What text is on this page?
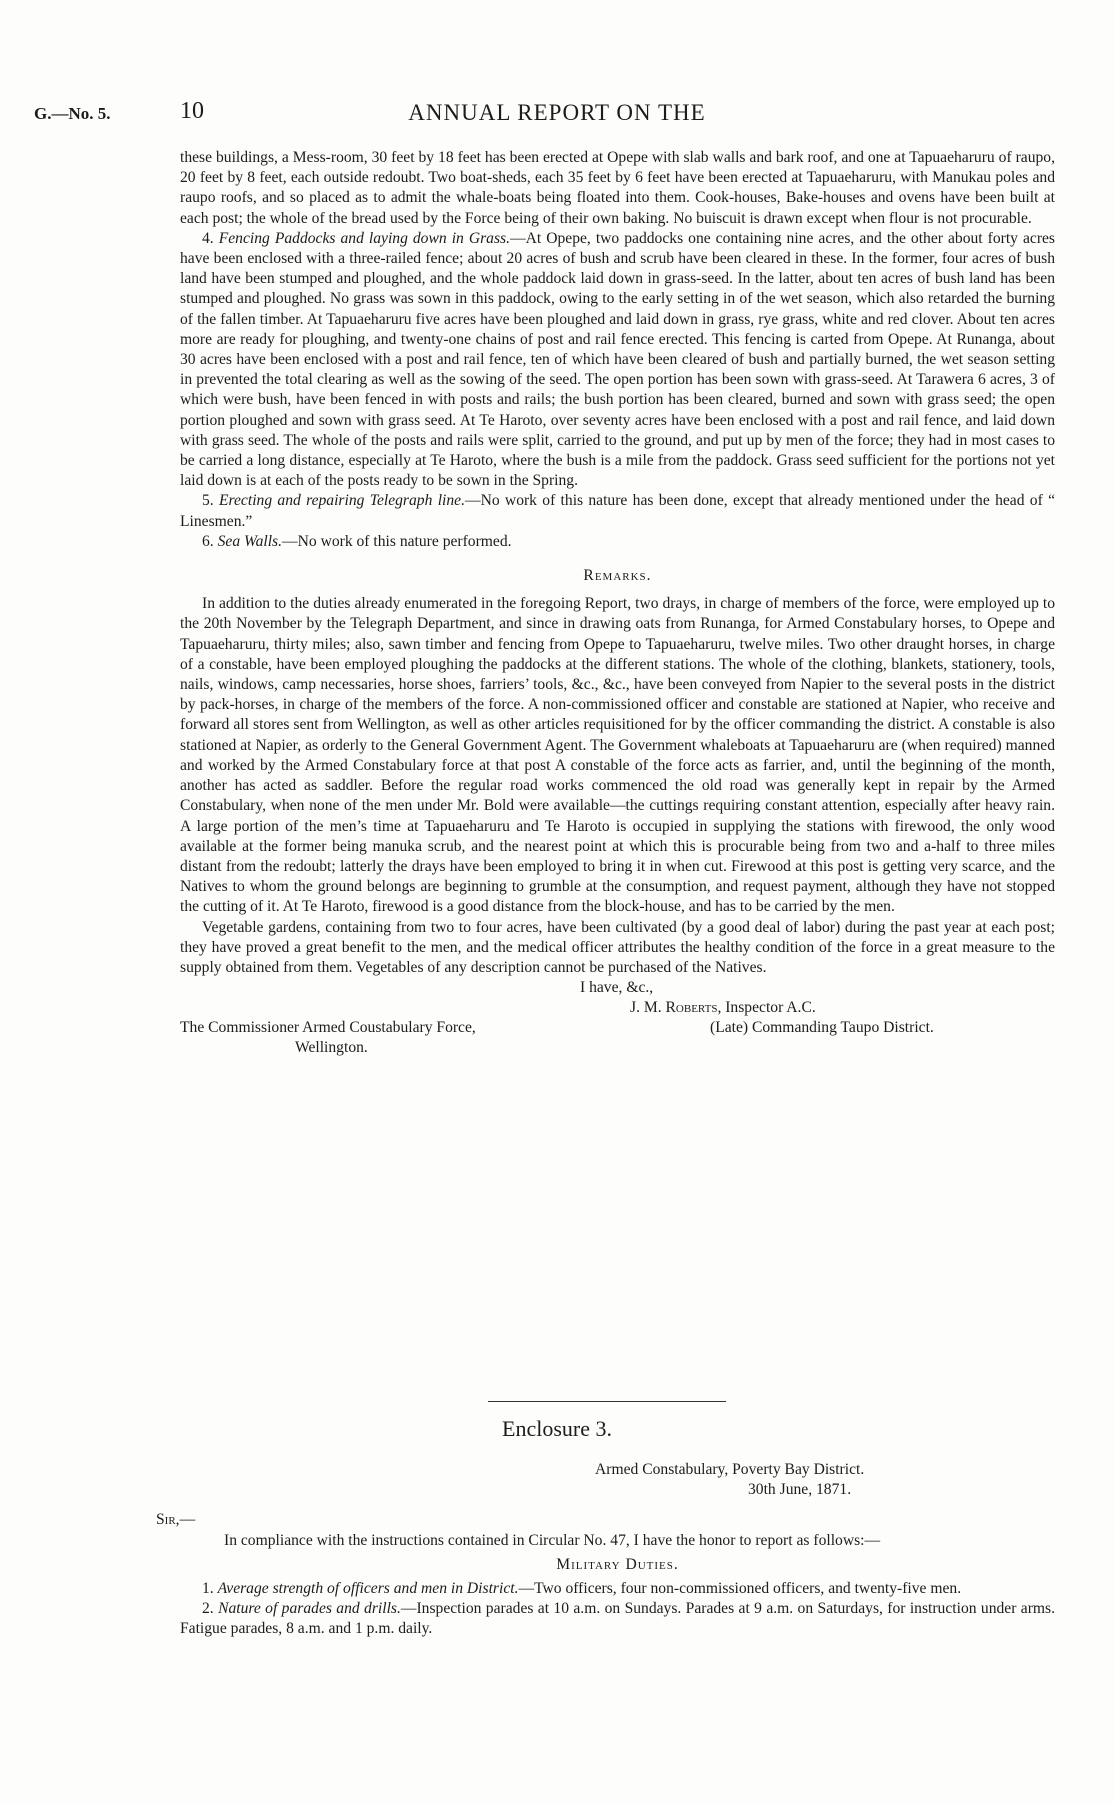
G.—No. 5.	10	ANNUAL REPORT ON THE

these buildings, a Mess-room, 30 feet by 18 feet has been erected at Opepe with slab walls and bark roof, and one at Tapuaeharuru of raupo, 20 feet by 8 feet, each outside redoubt. Two boat-sheds, each 35 feet by 6 feet have been erected at Tapuaeharuru, with Manukau poles and raupo roofs, and so placed as to admit the whale-boats being floated into them. Cook-houses, Bake-houses and ovens have been built at each post; the whole of the bread used by the Force being of their own baking. No buiscuit is drawn except when flour is not procurable.

4. Fencing Paddocks and laying down in Grass.—At Opepe, two paddocks one containing nine acres, and the other about forty acres have been enclosed with a three-railed fence; about 20 acres of bush and scrub have been cleared in these. In the former, four acres of bush land have been stumped and ploughed, and the whole paddock laid down in grass-seed. In the latter, about ten acres of bush land has been stumped and ploughed. No grass was sown in this paddock, owing to the early setting in of the wet season, which also retarded the burning of the fallen timber. At Tapuaeharuru five acres have been ploughed and laid down in grass, rye grass, white and red clover. About ten acres more are ready for ploughing, and twenty-one chains of post and rail fence erected. This fencing is carted from Opepe. At Runanga, about 30 acres have been enclosed with a post and rail fence, ten of which have been cleared of bush and partially burned, the wet season setting in prevented the total clearing as well as the sowing of the seed. The open portion has been sown with grass-seed. At Tarawera 6 acres, 3 of which were bush, have been fenced in with posts and rails; the bush portion has been cleared, burned and sown with grass seed; the open portion ploughed and sown with grass seed. At Te Haroto, over seventy acres have been enclosed with a post and rail fence, and laid down with grass seed. The whole of the posts and rails were split, carried to the ground, and put up by men of the force; they had in most cases to be carried a long distance, especially at Te Haroto, where the bush is a mile from the paddock. Grass seed sufficient for the portions not yet laid down is at each of the posts ready to be sown in the Spring.

5. Erecting and repairing Telegraph line.—No work of this nature has been done, except that already mentioned under the head of “ Linesmen.”

6. Sea Walls.—No work of this nature performed.

Remarks.

In addition to the duties already enumerated in the foregoing Report, two drays, in charge of members of the force, were employed up to the 20th November by the Telegraph Department, and since in drawing oats from Runanga, for Armed Constabulary horses, to Opepe and Tapuaeharuru, thirty miles; also, sawn timber and fencing from Opepe to Tapuaeharuru, twelve miles. Two other draught horses, in charge of a constable, have been employed ploughing the paddocks at the different stations. The whole of the clothing, blankets, stationery, tools, nails, windows, camp necessaries, horse shoes, farriers’ tools, &c., &c., have been conveyed from Napier to the several posts in the district by pack-horses, in charge of the members of the force. A non-commissioned officer and constable are stationed at Napier, who receive and forward all stores sent from Wellington, as well as other articles requisitioned for by the officer commanding the district. A constable is also stationed at Napier, as orderly to the General Government Agent. The Government whaleboats at Tapuaeharuru are (when required) manned and worked by the Armed Constabulary force at that post A constable of the force acts as farrier, and, until the beginning of the month, another has acted as saddler. Before the regular road works commenced the old road was generally kept in repair by the Armed Constabulary, when none of the men under Mr. Bold were available—the cuttings requiring constant attention, especially after heavy rain. A large portion of the men’s time at Tapuaeharuru and Te Haroto is occupied in supplying the stations with firewood, the only wood available at the former being manuka scrub, and the nearest point at which this is procurable being from two and a-half to three miles distant from the redoubt; latterly the drays have been employed to bring it in when cut. Firewood at this post is getting very scarce, and the Natives to whom the ground belongs are beginning to grumble at the consumption, and request payment, although they have not stopped the cutting of it. At Te Haroto, firewood is a good distance from the block-house, and has to be carried by the men.

Vegetable gardens, containing from two to four acres, have been cultivated (by a good deal of labor) during the past year at each post; they have proved a great benefit to the men, and the medical officer attributes the healthy condition of the force in a great measure to the supply obtained from them. Vegetables of any description cannot be purchased of the Natives.

I have, &c.,
J. M. Roberts, Inspector A.C.
The Commissioner Armed Coustabulary Force,	(Late) Commanding Taupo District.
Wellington.
Enclosure 3.

Armed Constabulary, Poverty Bay District.

30th June, 1871.

Sir,—

In compliance with the instructions contained in Circular No. 47, I have the honor to report as follows:—

Military Duties.

1. Average strength of officers and men in District.—Two officers, four non-commissioned officers, and twenty-five men.

2. Nature of parades and drills.—Inspection parades at 10 a.m. on Sundays. Parades at 9 a.m. on Saturdays, for instruction under arms. Fatigue parades, 8 a.m. and 1 p.m. daily.
